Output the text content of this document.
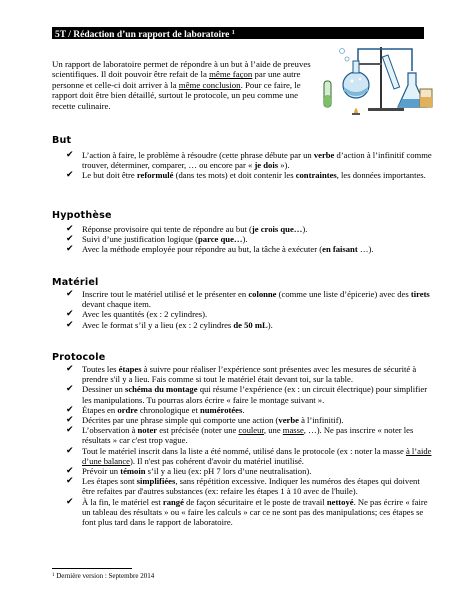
5T / Rédaction d’un rapport de laboratoire $^1$
Un rapport de laboratoire permet de répondre à un but à l’aide de preuves scientifiques. Il doit pouvoir être refait de la même façon par une autre personne et celle-ci doit arriver à la même conclusion. Pour ce faire, le rapport doit être bien détaillé, surtout le protocole, un peu comme une recette culinaire.
But
✔ L’action à faire, le problème à résoudre (cette phrase débute par un verbe d’action à l’infinitif comme trouver, déterminer, comparer, … ou encore par « je dois »).
✔ Le but doit être reformulé (dans tes mots) et doit contenir les contraintes, les données importantes.
Hypothèse
✔ Réponse provisoire qui tente de répondre au but (je crois que…).
✔ Suivi d’une justification logique (parce que…).
✔ Avec la méthode employée pour répondre au but, la tâche à exécuter (en faisant …).
Matériel
✔ Inscrire tout le matériel utilisé et le présenter en colonne (comme une liste d’épicerie) avec des tirets devant chaque item.
✔ Avec les quantités (ex : 2 cylindres).
✔ Avec le format s’il y a lieu (ex : 2 cylindres de 50 mL).
Protocole
✔ Toutes les étapes à suivre pour réaliser l’expérience sont présentes avec les mesures de sécurité à prendre s'il y a lieu. Fais comme si tout le matériel était devant toi, sur la table.
✔ Dessiner un schéma du montage qui résume l’expérience (ex : un circuit électrique) pour simplifier les manipulations. Tu pourras alors écrire « faire le montage suivant ».
✔ Étapes en ordre chronologique et numérotées.
✔ Décrites par une phrase simple qui comporte une action (verbe à l’infinitif).
✔ L’observation à noter est précisée (noter une couleur, une masse, …). Ne pas inscrire « noter les résultats » car c'est trop vague.
✔ Tout le matériel inscrit dans la liste a été nommé, utilisé dans le protocole (ex : noter la masse à l’aide d’une balance). Il n'est pas cohérent d'avoir du matériel inutilisé.
✔ Prévoir un témoin s’il y a lieu (ex: pH 7 lors d’une neutralisation).
✔ Les étapes sont simplifiées, sans répétition excessive. Indiquer les numéros des étapes qui doivent être refaites par d'autres substances (ex: refaire les étapes 1 à 10 avec de l'huile).
✔ À la fin, le matériel est rangé de façon sécuritaire et le poste de travail nettoyé. Ne pas écrire « faire un tableau des résultats » ou « faire les calculs » car ce ne sont pas des manipulations; ces étapes se font plus tard dans le rapport de laboratoire.
$^1$ Dernière version : Septembre 2014
